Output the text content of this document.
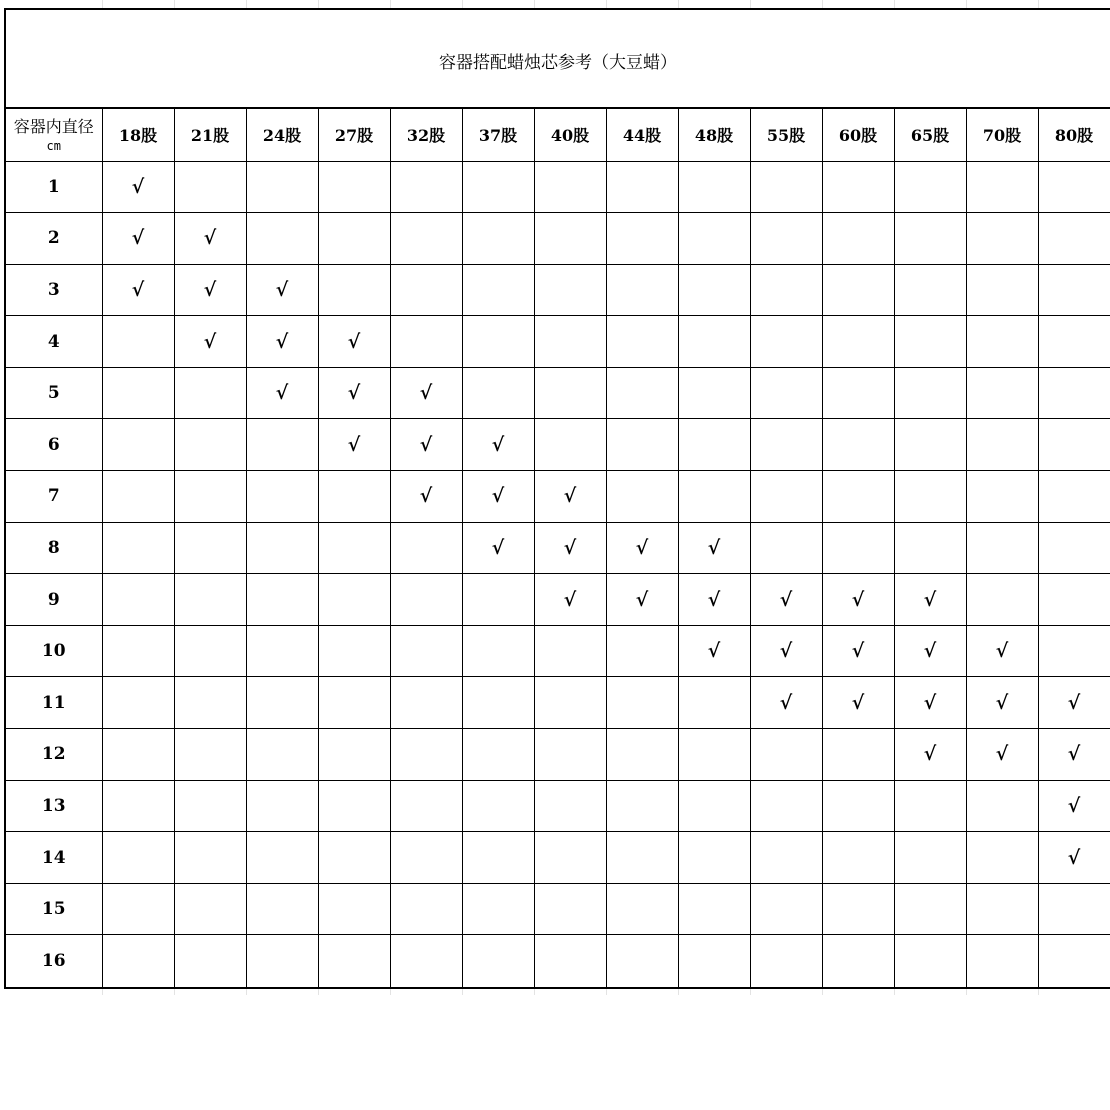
容器搭配蜡烛芯参考（大豆蜡）
容器内直径
cm	18股	21股	24股	27股	32股	37股	40股	44股	48股	55股	60股	65股	70股	80股
1	√													
2	√	√												
3	√	√	√											
4		√	√	√										
5			√	√	√									
6				√	√	√								
7					√	√	√							
8						√	√	√	√					
9							√	√	√	√	√	√		
10									√	√	√	√	√	
11										√	√	√	√	√
12												√	√	√
13														√
14														√
15														
16														
